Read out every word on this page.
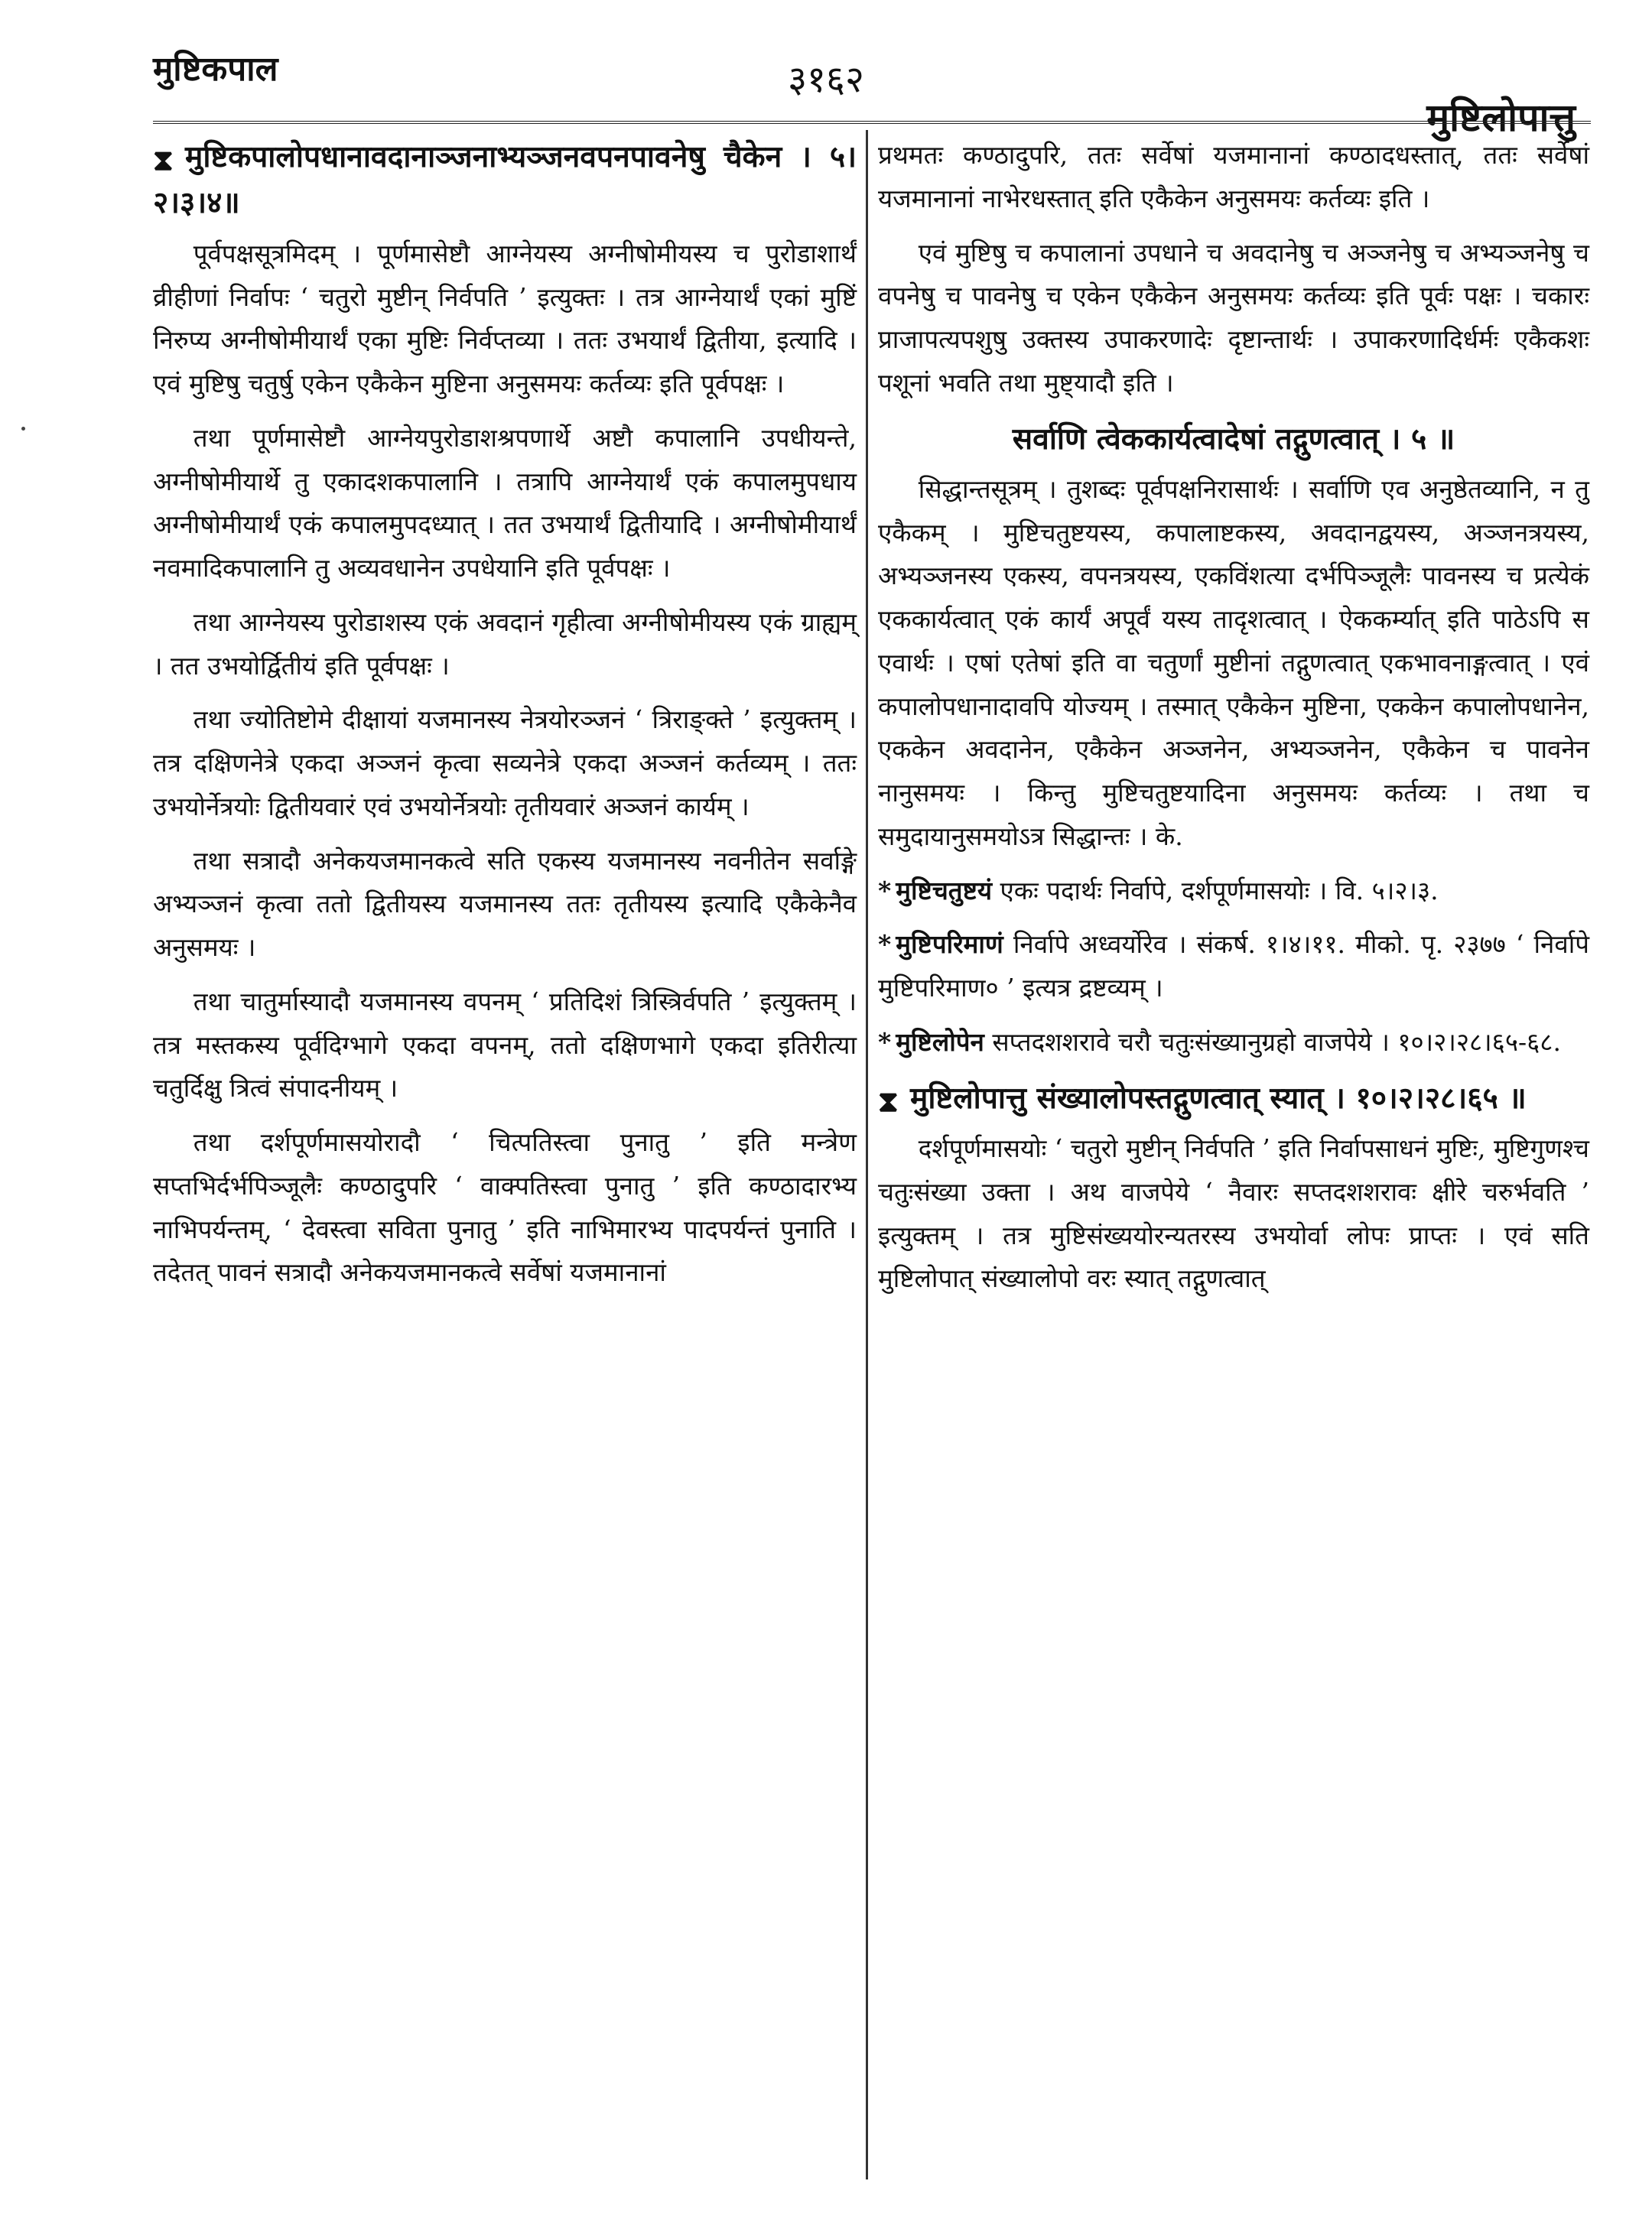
मुष्टिकपाल	३१६२
मुष्टिलोपात्तु

⧗ मुष्टिकपालोपधानावदानाञ्जनाभ्यञ्जनवपनपावनेषु चैकेन । ५।२।३।४॥

पूर्वपक्षसूत्रमिदम् । पूर्णमासेष्टौ आग्नेयस्य अग्नीषोमीयस्य च पुरोडाशार्थं व्रीहीणां निर्वापः ‘ चतुरो मुष्टीन् निर्वपति ’ इत्युक्तः । तत्र आग्नेयार्थं एकां मुष्टिं निरुप्य अग्नीषोमीयार्थं एका मुष्टिः निर्वप्तव्या । ततः उभयार्थं द्वितीया, इत्यादि । एवं मुष्टिषु चतुर्षु एकेन एकैकेन मुष्टिना अनुसमयः कर्तव्यः इति पूर्वपक्षः ।

तथा पूर्णमासेष्टौ आग्नेयपुरोडाशश्रपणार्थे अष्टौ कपालानि उपधीयन्ते, अग्नीषोमीयार्थे तु एकादशकपालानि । तत्रापि आग्नेयार्थं एकं कपालमुपधाय अग्नीषोमीयार्थं एकं कपालमुपदध्यात् । तत उभयार्थं द्वितीयादि । अग्नीषोमीयार्थं नवमादिकपालानि तु अव्यवधानेन उपधेयानि इति पूर्वपक्षः ।

तथा आग्नेयस्य पुरोडाशस्य एकं अवदानं गृहीत्वा अग्नीषोमीयस्य एकं ग्राह्यम् । तत उभयोर्द्वितीयं इति पूर्वपक्षः ।

तथा ज्योतिष्टोमे दीक्षायां यजमानस्य नेत्रयोरञ्जनं ‘ त्रिराङ्क्ते ’ इत्युक्तम् । तत्र दक्षिणनेत्रे एकदा अञ्जनं कृत्वा सव्यनेत्रे एकदा अञ्जनं कर्तव्यम् । ततः उभयोर्नेत्रयोः द्वितीयवारं एवं उभयोर्नेत्रयोः तृतीयवारं अञ्जनं कार्यम् ।

तथा सत्रादौ अनेकयजमानकत्वे सति एकस्य यजमानस्य नवनीतेन सर्वाङ्गे अभ्यञ्जनं कृत्वा ततो द्वितीयस्य यजमानस्य ततः तृतीयस्य इत्यादि एकैकेनैव अनुसमयः ।

तथा चातुर्मास्यादौ यजमानस्य वपनम् ‘ प्रतिदिशं त्रिस्त्रिर्वपति ’ इत्युक्तम् । तत्र मस्तकस्य पूर्वदिग्भागे एकदा वपनम्, ततो दक्षिणभागे एकदा इतिरीत्या चतुर्दिक्षु त्रित्वं संपादनीयम् ।

तथा दर्शपूर्णमासयोरादौ ‘ चित्पतिस्त्वा पुनातु ’ इति मन्त्रेण सप्तभिर्दर्भपिञ्जूलैः कण्ठादुपरि ‘ वाक्पतिस्त्वा पुनातु ’ इति कण्ठादारभ्य नाभिपर्यन्तम्, ‘ देवस्त्वा सविता पुनातु ’ इति नाभिमारभ्य पादपर्यन्तं पुनाति । तदेतत् पावनं सत्रादौ अनेकयजमानकत्वे सर्वेषां यजमानानां

प्रथमतः कण्ठादुपरि, ततः सर्वेषां यजमानानां कण्ठादधस्तात्, ततः सर्वेषां यजमानानां नाभेरधस्तात् इति एकैकेन अनुसमयः कर्तव्यः इति ।

एवं मुष्टिषु च कपालानां उपधाने च अवदानेषु च अञ्जनेषु च अभ्यञ्जनेषु च वपनेषु च पावनेषु च एकेन एकैकेन अनुसमयः कर्तव्यः इति पूर्वः पक्षः । चकारः प्राजापत्यपशुषु उक्तस्य उपाकरणादेः दृष्टान्तार्थः । उपाकरणादिर्धर्मः एकैकशः पशूनां भवति तथा मुष्ट्यादौ इति ।

सर्वाणि त्वेककार्यत्वादेषां तद्गुणत्वात् । ५ ॥

सिद्धान्तसूत्रम् । तुशब्दः पूर्वपक्षनिरासार्थः । सर्वाणि एव अनुष्ठेतव्यानि, न तु एकैकम् । मुष्टिचतुष्टयस्य, कपालाष्टकस्य, अवदानद्वयस्य, अञ्जनत्रयस्य, अभ्यञ्जनस्य एकस्य, वपनत्रयस्य, एकविंशत्या दर्भपिञ्जूलैः पावनस्य च प्रत्येकं एककार्यत्वात् एकं कार्यं अपूर्वं यस्य तादृशत्वात् । ऐककर्म्यात् इति पाठेऽपि स एवार्थः । एषां एतेषां इति वा चतुर्णां मुष्टीनां तद्गुणत्वात् एकभावनाङ्गत्वात् । एवं कपालोपधानादावपि योज्यम् । तस्मात् एकैकेन मुष्टिना, एककेन कपालोपधानेन, एककेन अवदानेन, एकैकेन अञ्जनेन, अभ्यञ्जनेन, एकैकेन च पावनेन नानुसमयः । किन्तु मुष्टिचतुष्टयादिना अनुसमयः कर्तव्यः । तथा च समुदायानुसमयोऽत्र सिद्धान्तः । के.

* मुष्टिचतुष्टयं एकः पदार्थः निर्वापे, दर्शपूर्णमासयोः । वि. ५।२।३.

* मुष्टिपरिमाणं निर्वापे अध्वर्योरेव । संकर्ष. १।४।११. मीको. पृ. २३७७ ‘ निर्वापे मुष्टिपरिमाण० ’ इत्यत्र द्रष्टव्यम् ।

* मुष्टिलोपेन सप्तदशशरावे चरौ चतुःसंख्यानुग्रहो वाजपेये । १०।२।२८।६५-६८.

⧗ मुष्टिलोपात्तु संख्यालोपस्तद्गुणत्वात् स्यात् । १०।२।२८।६५ ॥

दर्शपूर्णमासयोः ‘ चतुरो मुष्टीन् निर्वपति ’ इति निर्वापसाधनं मुष्टिः, मुष्टिगुणश्च चतुःसंख्या उक्ता । अथ वाजपेये ‘ नैवारः सप्तदशशरावः क्षीरे चरुर्भवति ’ इत्युक्तम् । तत्र मुष्टिसंख्ययोरन्यतरस्य उभयोर्वा लोपः प्राप्तः । एवं सति मुष्टिलोपात् संख्यालोपो वरः स्यात् तद्गुणत्वात्
